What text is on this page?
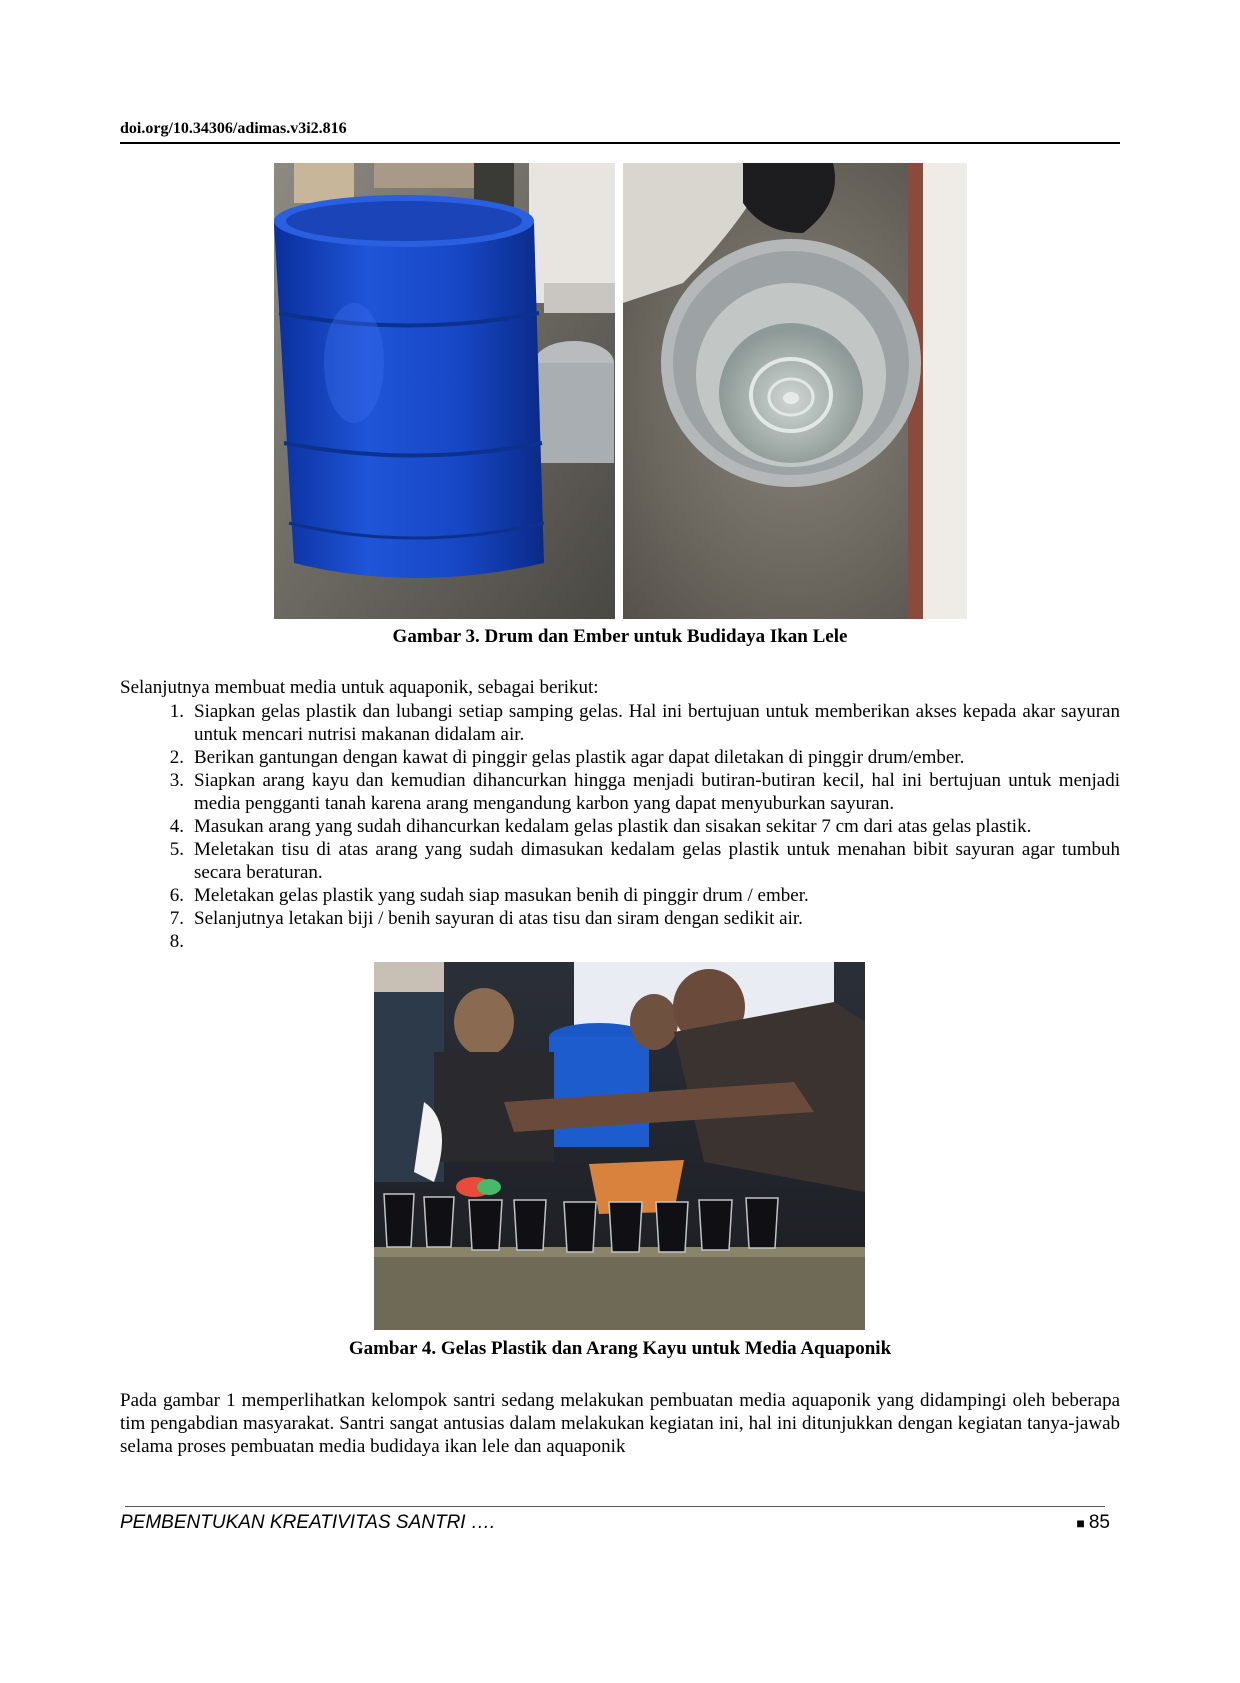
doi.org/10.34306/adimas.v3i2.816
Gambar 3. Drum dan Ember untuk Budidaya Ikan Lele
Selanjutnya membuat media untuk aquaponik, sebagai berikut:
1. Siapkan gelas plastik dan lubangi setiap samping gelas. Hal ini bertujuan untuk memberikan akses kepada akar sayuran untuk mencari nutrisi makanan didalam air.
2. Berikan gantungan dengan kawat di pinggir gelas plastik agar dapat diletakan di pinggir drum/ember.
3. Siapkan arang kayu dan kemudian dihancurkan hingga menjadi butiran-butiran kecil, hal ini bertujuan untuk menjadi media pengganti tanah karena arang mengandung karbon yang dapat menyuburkan sayuran.
4. Masukan arang yang sudah dihancurkan kedalam gelas plastik dan sisakan sekitar 7 cm dari atas gelas plastik.
5. Meletakan tisu di atas arang yang sudah dimasukan kedalam gelas plastik untuk menahan bibit sayuran agar tumbuh secara beraturan.
6. Meletakan gelas plastik yang sudah siap masukan benih di pinggir drum / ember.
7. Selanjutnya letakan biji / benih sayuran di atas tisu dan siram dengan sedikit air.
8.

Gambar 4. Gelas Plastik dan Arang Kayu untuk Media Aquaponik
Pada gambar 1 memperlihatkan kelompok santri sedang melakukan pembuatan media aquaponik yang didampingi oleh beberapa tim pengabdian masyarakat. Santri sangat antusias dalam melakukan kegiatan ini, hal ini ditunjukkan dengan kegiatan tanya-jawab selama proses pembuatan media budidaya ikan lele dan aquaponik
PEMBENTUKAN KREATIVITAS SANTRI ….	■ 85
